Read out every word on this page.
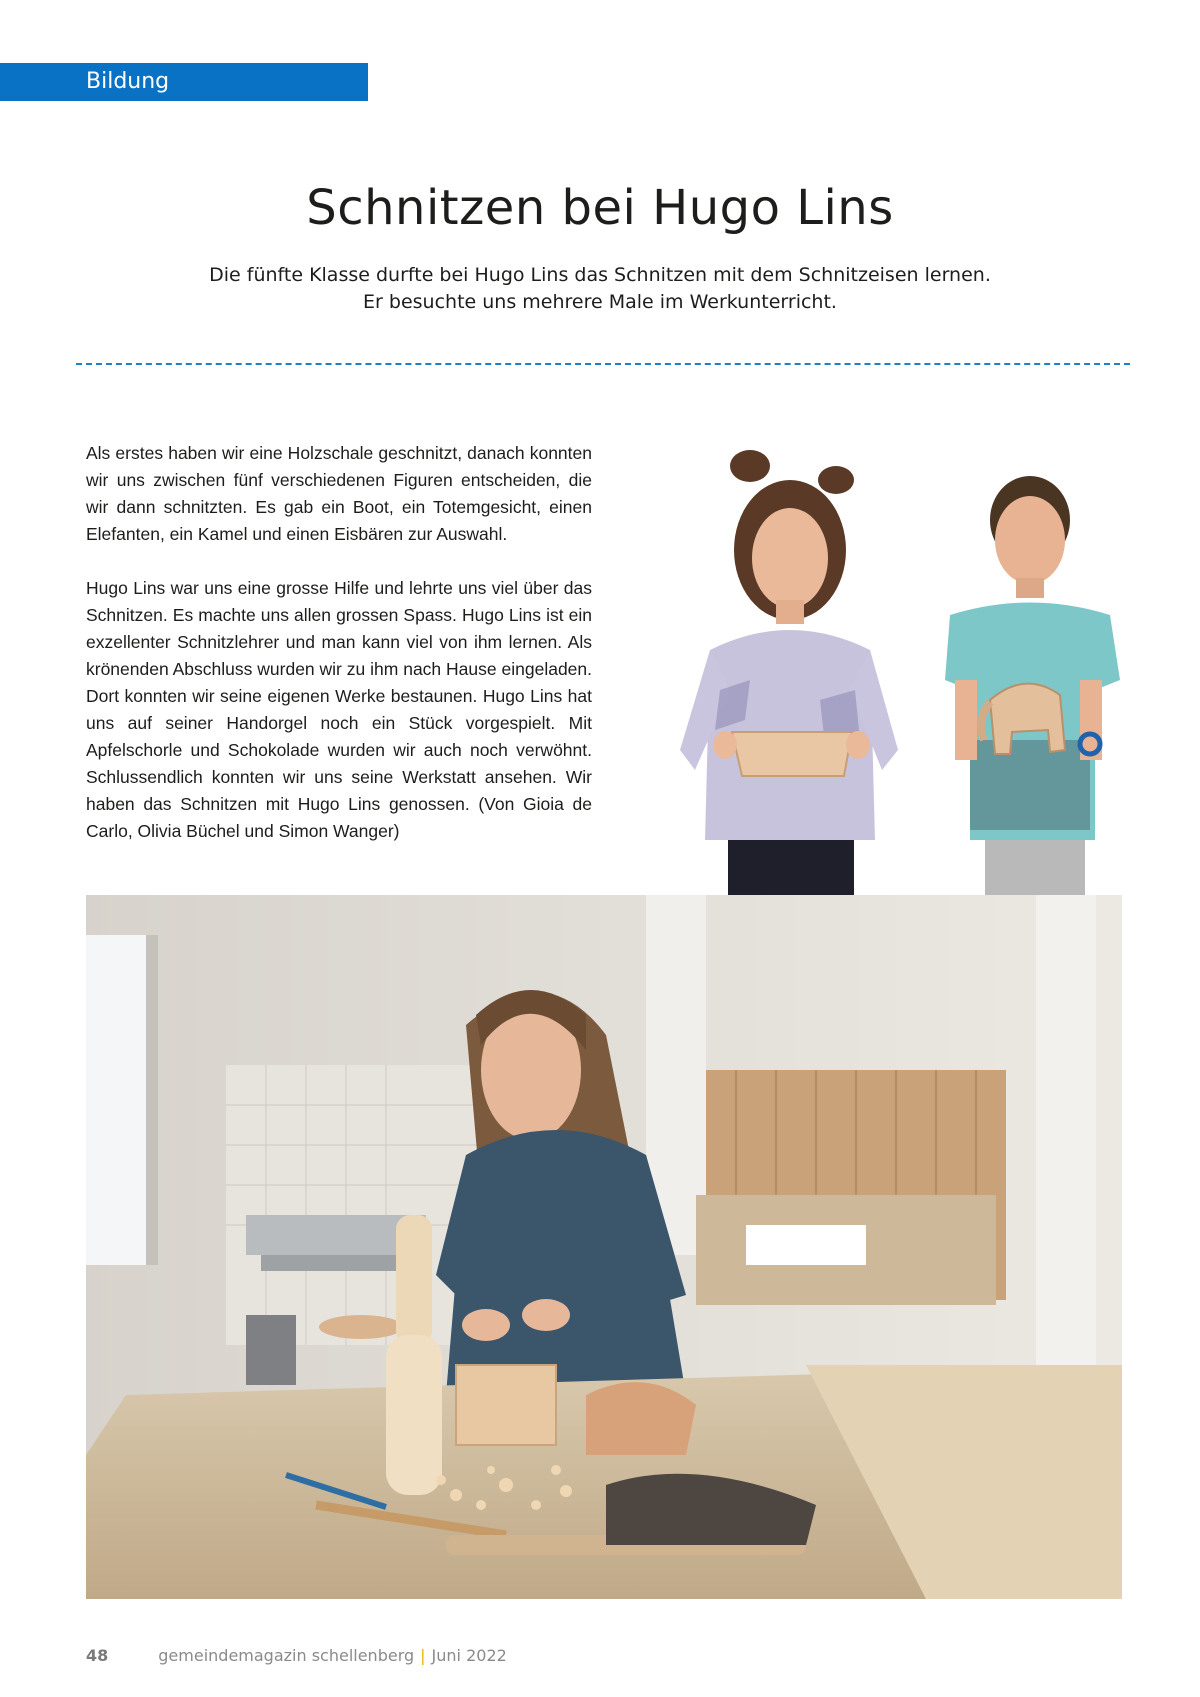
Bildung
Schnitzen bei Hugo Lins
Die fünfte Klasse durfte bei Hugo Lins das Schnitzen mit dem Schnitzeisen lernen.
Er besuchte uns mehrere Male im Werkunterricht.

Als erstes haben wir eine Holzschale geschnitzt, danach konnten wir uns zwischen fünf verschiedenen Figuren entscheiden, die wir dann schnitzten. Es gab ein Boot, ein Totemgesicht, einen Elefanten, ein Kamel und einen Eisbären zur Auswahl.

Hugo Lins war uns eine grosse Hilfe und lehrte uns viel über das Schnitzen. Es machte uns allen grossen Spass. Hugo Lins ist ein exzellenter Schnitzlehrer und man kann viel von ihm lernen. Als krönenden Abschluss wurden wir zu ihm nach Hause eingeladen. Dort konnten wir seine eigenen Werke bestaunen. Hugo Lins hat uns auf seiner Handorgel noch ein Stück vorgespielt. Mit Apfelschorle und Schokolade wurden wir auch noch verwöhnt. Schlussendlich konnten wir uns seine Werkstatt ansehen. Wir haben das Schnitzen mit Hugo Lins genossen. (Von Gioia de Carlo, Olivia Büchel und Simon Wanger)

48	gemeindemagazin schellenberg | Juni 2022
